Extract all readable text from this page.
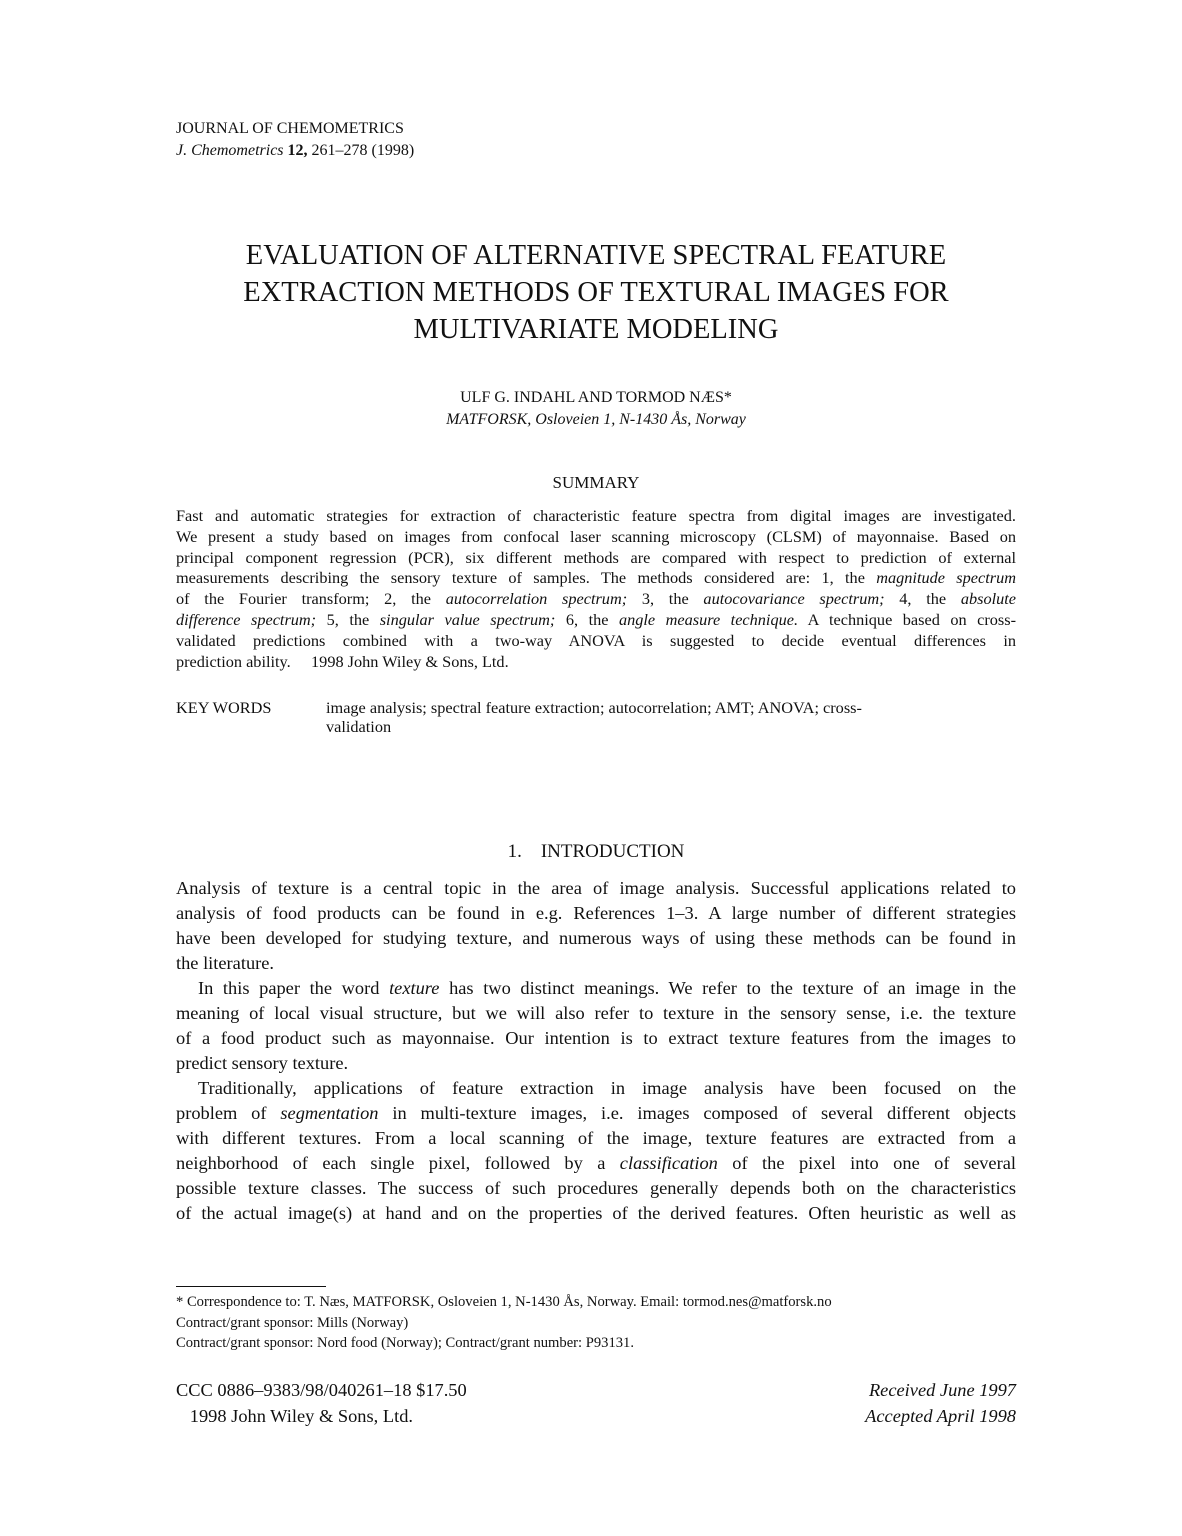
JOURNAL OF CHEMOMETRICS
J. Chemometrics 12, 261–278 (1998)
EVALUATION OF ALTERNATIVE SPECTRAL FEATURE
EXTRACTION METHODS OF TEXTURAL IMAGES FOR
MULTIVARIATE MODELING
ULF G. INDAHL AND TORMOD NÆS*
MATFORSK, Osloveien 1, N-1430 Ås, Norway
SUMMARY

Fast and automatic strategies for extraction of characteristic feature spectra from digital images are investigated.

We present a study based on images from confocal laser scanning microscopy (CLSM) of mayonnaise. Based on

principal component regression (PCR), six different methods are compared with respect to prediction of external

measurements describing the sensory texture of samples. The methods considered are: 1, the magnitude spectrum

of the Fourier transform; 2, the autocorrelation spectrum; 3, the autocovariance spectrum; 4, the absolute

difference spectrum; 5, the singular value spectrum; 6, the angle measure technique. A technique based on cross-

validated predictions combined with a two-way ANOVA is suggested to decide eventual differences in

prediction ability.     1998 John Wiley & Sons, Ltd.

KEY WORDS	image analysis; spectral feature extraction; autocorrelation; AMT; ANOVA; cross-
validation
1.    INTRODUCTION
Analysis of texture is a central topic in the area of image analysis. Successful applications related to
analysis of food products can be found in e.g. References 1–3. A large number of different strategies
have been developed for studying texture, and numerous ways of using these methods can be found in
the literature.
In this paper the word texture has two distinct meanings. We refer to the texture of an image in the
meaning of local visual structure, but we will also refer to texture in the sensory sense, i.e. the texture
of a food product such as mayonnaise. Our intention is to extract texture features from the images to
predict sensory texture.
Traditionally, applications of feature extraction in image analysis have been focused on the
problem of segmentation in multi-texture images, i.e. images composed of several different objects
with different textures. From a local scanning of the image, texture features are extracted from a
neighborhood of each single pixel, followed by a classification of the pixel into one of several
possible texture classes. The success of such procedures generally depends both on the characteristics
of the actual image(s) at hand and on the properties of the derived features. Often heuristic as well as
* Correspondence to: T. Næs, MATFORSK, Osloveien 1, N-1430 Ås, Norway. Email: tormod.nes@matforsk.no
Contract/grant sponsor: Mills (Norway)
Contract/grant sponsor: Nord food (Norway); Contract/grant number: P93131.
CCC 0886–9383/98/040261–18 $17.50
1998 John Wiley & Sons, Ltd.
Received June 1997
Accepted April 1998
